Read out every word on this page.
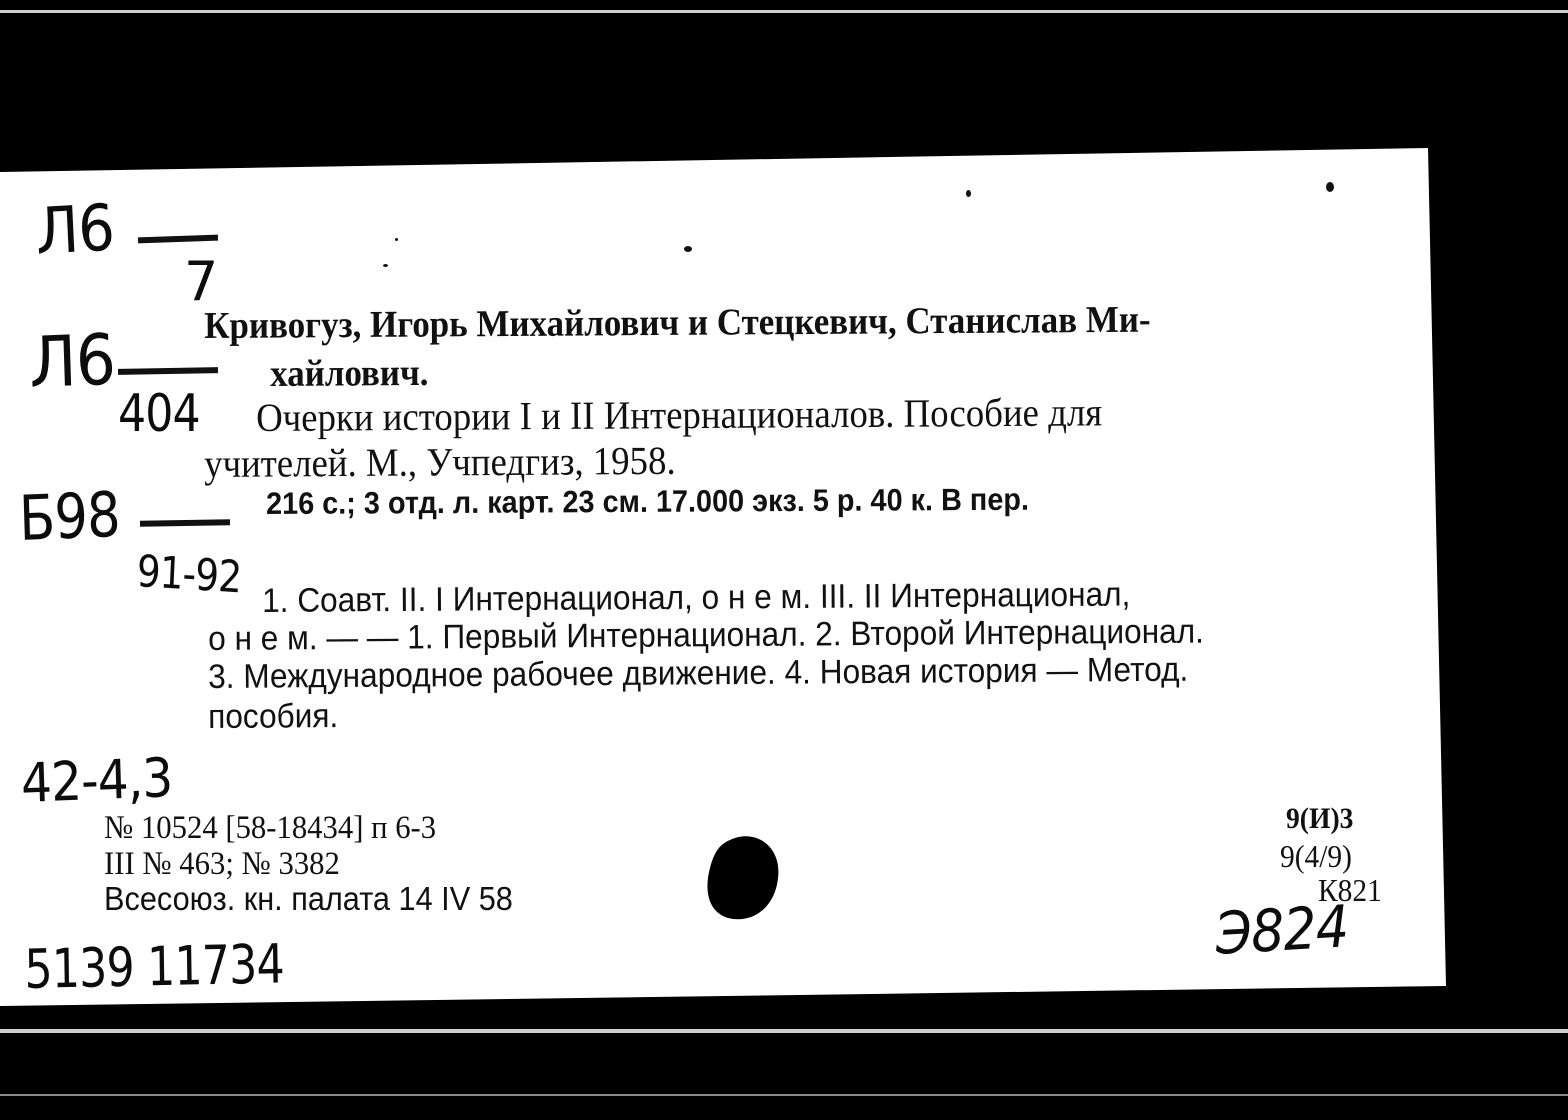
Л6
7
Л6
404
Б98
91-92
42-4,3
Э824
5139 11734
Кривогуз, Игорь Михайлович и Стецкевич, Станислав Ми-
хайлович.
Очерки истории I и II Интернационалов. Пособие для
учителей. М., Учпедгиз, 1958.
216 с.; 3 отд. л. карт. 23 см. 17.000 экз. 5 р. 40 к. В пер.
1. Соавт. II. I Интернационал, о н е м. III. II Интернационал,
о н е м. — — 1. Первый Интернационал. 2. Второй Интернационал.
3. Международное рабочее движение. 4. Новая история — Метод.
пособия.
№ 10524 [58-18434] п 6-3
III № 463; № 3382
Всесоюз. кн. палата 14 IV 58
9(И)3
9(4/9)
К821
